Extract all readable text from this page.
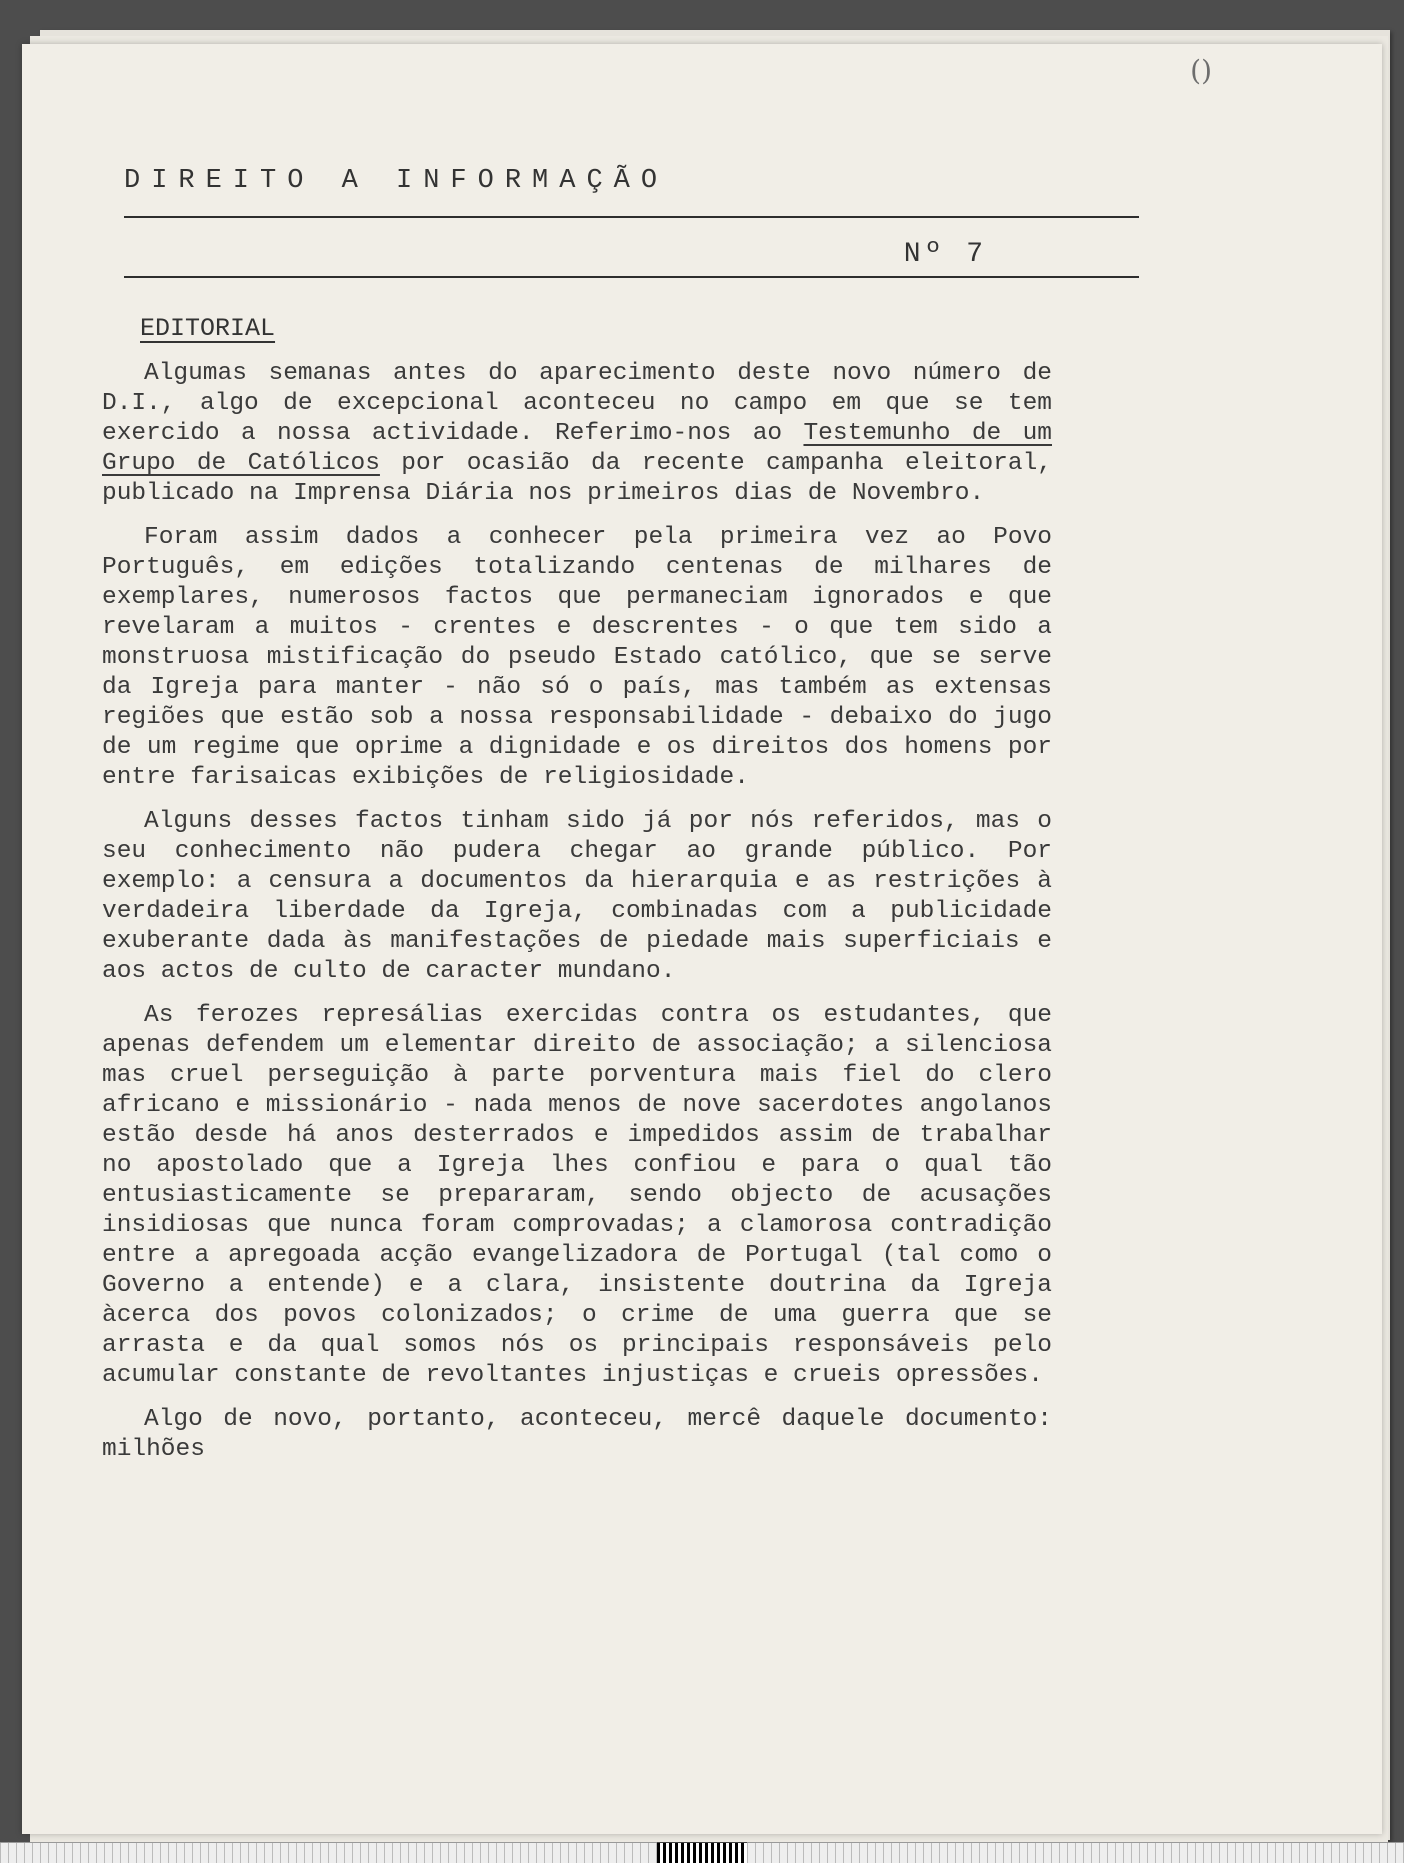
()
DIREITO A INFORMAÇÃO
Nº 7
EDITORIAL

Algumas semanas antes do aparecimento deste novo número de D.I., algo de excepcional aconteceu no campo em que se tem exercido a nossa actividade. Referimo-nos ao Testemunho de um Grupo de Católicos por ocasião da recente campanha eleitoral, publicado na Imprensa Diária nos primeiros dias de Novembro.

Foram assim dados a conhecer pela primeira vez ao Povo Português, em edições totalizando centenas de milhares de exemplares, numerosos factos que permaneciam ignorados e que revelaram a muitos - crentes e descrentes - o que tem sido a monstruosa mistificação do pseudo Estado católico, que se serve da Igreja para manter - não só o país, mas também as extensas regiões que estão sob a nossa responsabilidade - debaixo do jugo de um regime que oprime a dignidade e os direitos dos homens por entre farisaicas exibições de religiosidade.

Alguns desses factos tinham sido já por nós referidos, mas o seu conhecimento não pudera chegar ao grande público. Por exemplo: a censura a documentos da hierarquia e as restrições à verdadeira liberdade da Igreja, combinadas com a publicidade exuberante dada às manifestações de piedade mais superficiais e aos actos de culto de caracter mundano.

As ferozes represálias exercidas contra os estudantes, que apenas defendem um elementar direito de associação; a silenciosa mas cruel perseguição à parte porventura mais fiel do clero africano e missionário - nada menos de nove sacerdotes angolanos estão desde há anos desterrados e impedidos assim de trabalhar no apostolado que a Igreja lhes confiou e para o qual tão entusiasticamente se prepararam, sendo objecto de acusações insidiosas que nunca foram comprovadas; a clamorosa contradição entre a apregoada acção evangelizadora de Portugal (tal como o Governo a entende) e a clara, insistente doutrina da Igreja àcerca dos povos colonizados; o crime de uma guerra que se arrasta e da qual somos nós os principais responsáveis pelo acumular constante de revoltantes injustiças e crueis opressões.

Algo de novo, portanto, aconteceu, mercê daquele documento: milhões
